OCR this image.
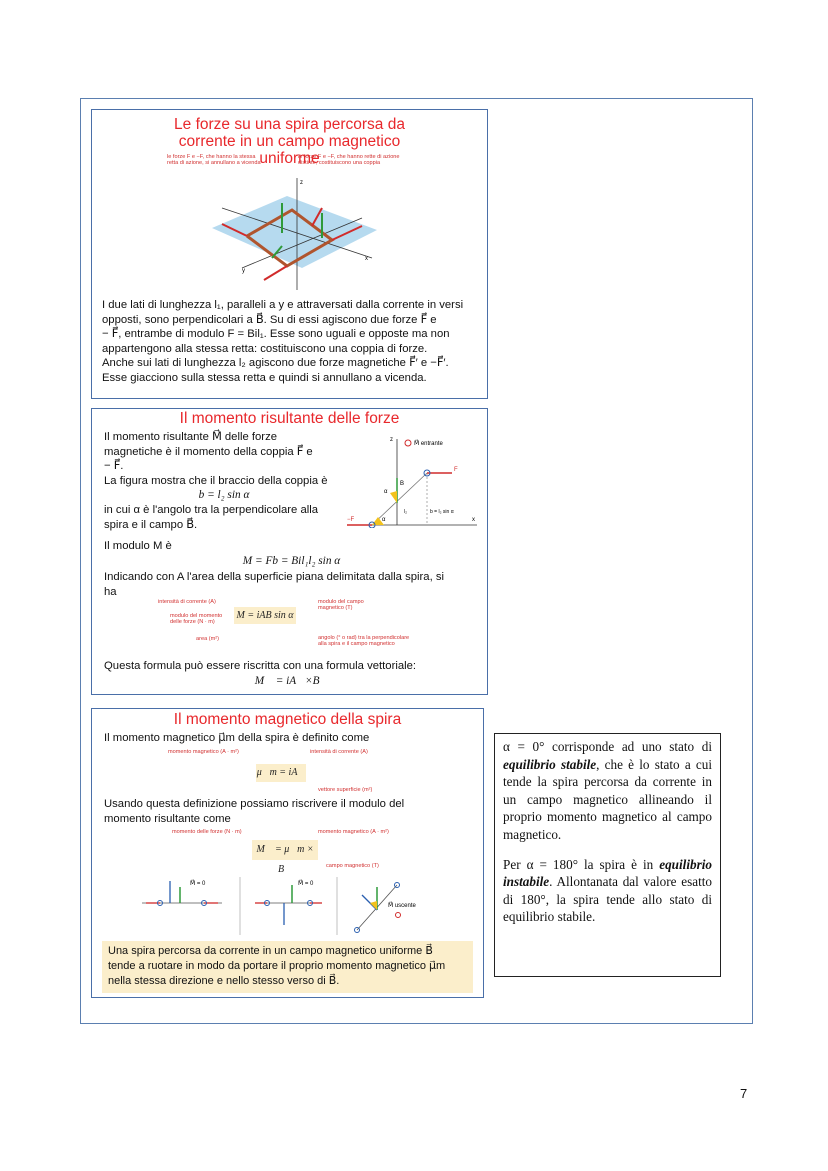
Le forze su una spira percorsa da corrente in un campo magnetico uniforme
le forze F e −F, che hanno la stessa retta di azione, si annullano a vicenda
le forze F e −F, che hanno rette di azione distinte, costituiscono una coppia
z
x
y
I due lati di lunghezza l₁, paralleli a y e attraversati dalla corrente in versi
opposti, sono perpendicolari a B⃗. Su di essi agiscono due forze F⃗ e
− F⃗, entrambe di modulo F = Bil₁. Esse sono uguali e opposte ma non
appartengono alla stessa retta: costituiscono una coppia di forze.
Anche sui lati di lunghezza l₂ agiscono due forze magnetiche F⃗′ e −F⃗′.
Esse giacciono sulla stessa retta e quindi si annullano a vicenda.
Il momento risultante delle forze
Il momento risultante M⃗ delle forze
magnetiche è il momento della coppia F⃗ e
− F⃗.
La figura mostra che il braccio della coppia è
b = l₂ sin α
in cui α è l'angolo tra la perpendicolare alla
spira e il campo B⃗.
z
x
F
−F
B
α
α
l₂
M⃗ entrante
b = l₂ sin α
Il modulo M è
M = Fb = Bil₁l₂ sin α
Indicando con A l'area della superficie piana delimitata dalla spira, si
ha
M = iAB sin α
intensità di corrente (A)
modulo del momento
delle forze (N · m)
area (m²)
modulo del campo
magnetico (T)
angolo (° o rad) tra la perpendicolare
alla spira e il campo magnetico
Questa formula può essere riscritta con una formula vettoriale:
M⃗ = iA⃗×B⃗
Il momento magnetico della spira
Il momento magnetico μ⃗m della spira è definito come
momento magnetico (A · m²)	intensità di corrente (A)
μ⃗m = iA⃗
vettore superficie (m²)
Usando questa definizione possiamo riscrivere il modulo del
momento risultante come
momento delle forze (N · m)	momento magnetico (A · m²)
M⃗ = μ⃗m × B⃗	campo magnetico (T)
M⃗ = 0	M⃗ = 0
M⃗ uscente
Una spira percorsa da corrente in un campo magnetico uniforme B⃗
tende a ruotare in modo da portare il proprio momento magnetico μ⃗m
nella stessa direzione e nello stesso verso di B⃗.

α = 0° corrisponde ad uno stato di equilibrio stabile, che è lo stato a cui tende la spira percorsa da corrente in un campo magnetico allineando il proprio momento magnetico al campo magnetico.

Per α = 180° la spira è in equilibrio instabile. Allontanata dal valore esatto di 180°, la spira tende allo stato di equilibrio stabile.

7
